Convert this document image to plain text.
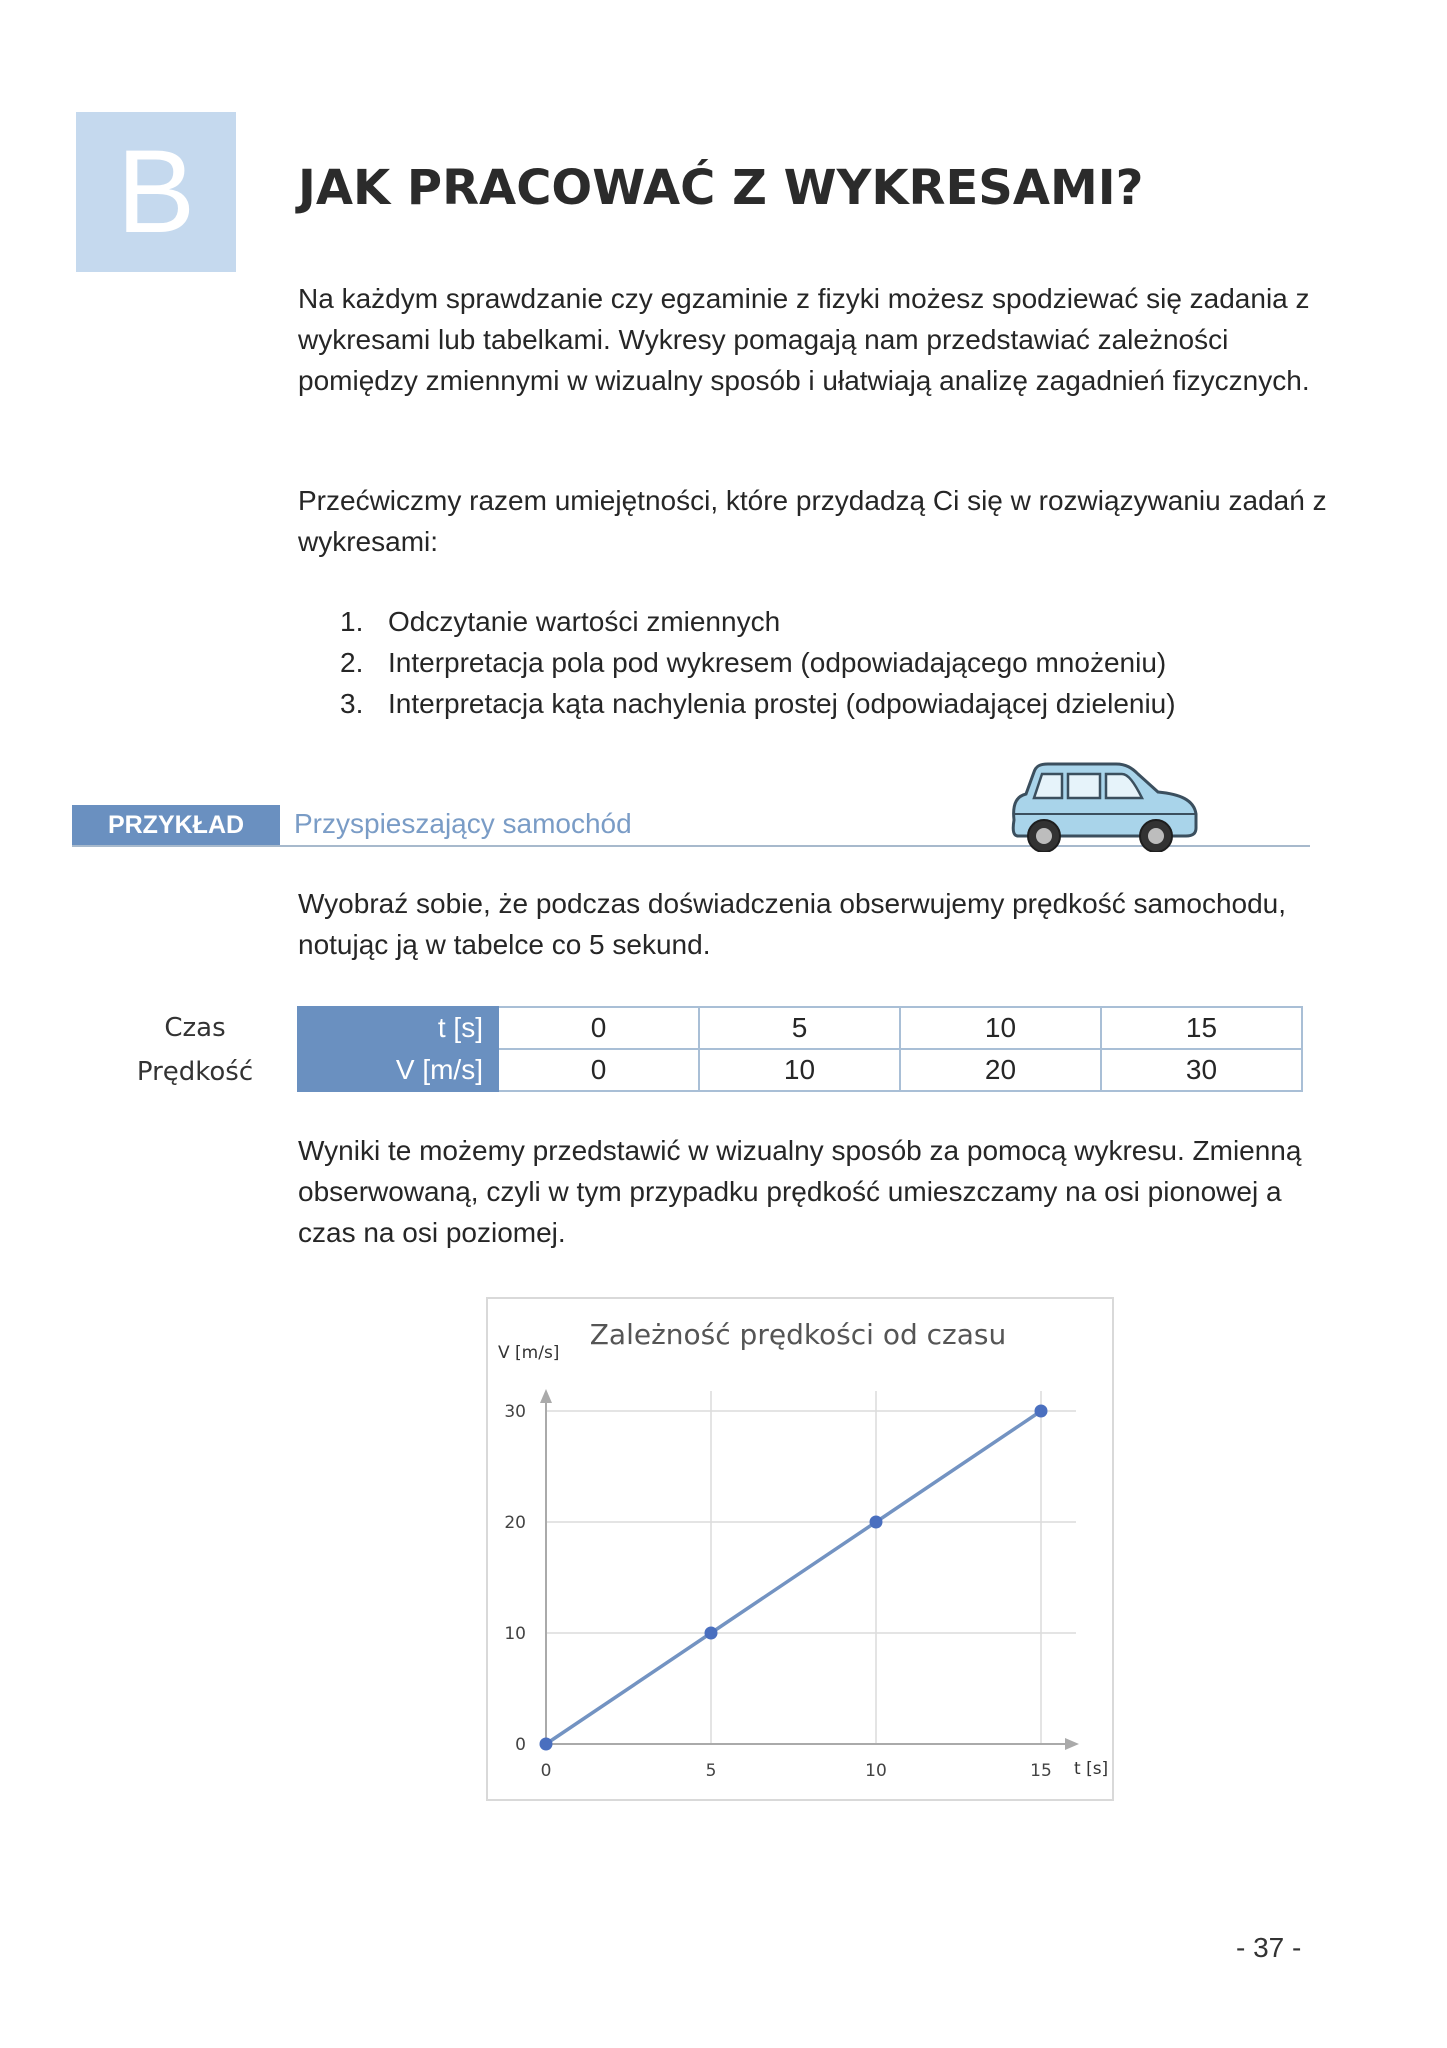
B	JAK PRACOWAĆ Z WYKRESAMI?

Na każdym sprawdzanie czy egzaminie z fizyki możesz spodziewać się zadania z wykresami lub tabelkami. Wykresy pomagają nam przedstawiać zależności pomiędzy zmiennymi w wizualny sposób i ułatwiają analizę zagadnień fizycznych.

Przećwiczmy razem umiejętności, które przydadzą Ci się w rozwiązywaniu zadań z wykresami:

1. Odczytanie wartości zmiennych
2. Interpretacja pola pod wykresem (odpowiadającego mnożeniu)
3. Interpretacja kąta nachylenia prostej (odpowiadającej dzieleniu)
PRZYKŁAD	Przyspieszający samochód

Wyobraź sobie, że podczas doświadczenia obserwujemy prędkość samochodu, notując ją w tabelce co 5 sekund.

Czas
Prędkość
t [s]	0	5	10	15
V [m/s]	0	10	20	30

Wyniki te możemy przedstawić w wizualny sposób za pomocą wykresu. Zmienną obserwowaną, czyli w tym przypadku prędkość umieszczamy na osi pionowej a czas na osi poziomej.

Zależność prędkości od czasu
V [m/s]
t [s]
0	5	10	15
0
10
20
30
- 37 -
